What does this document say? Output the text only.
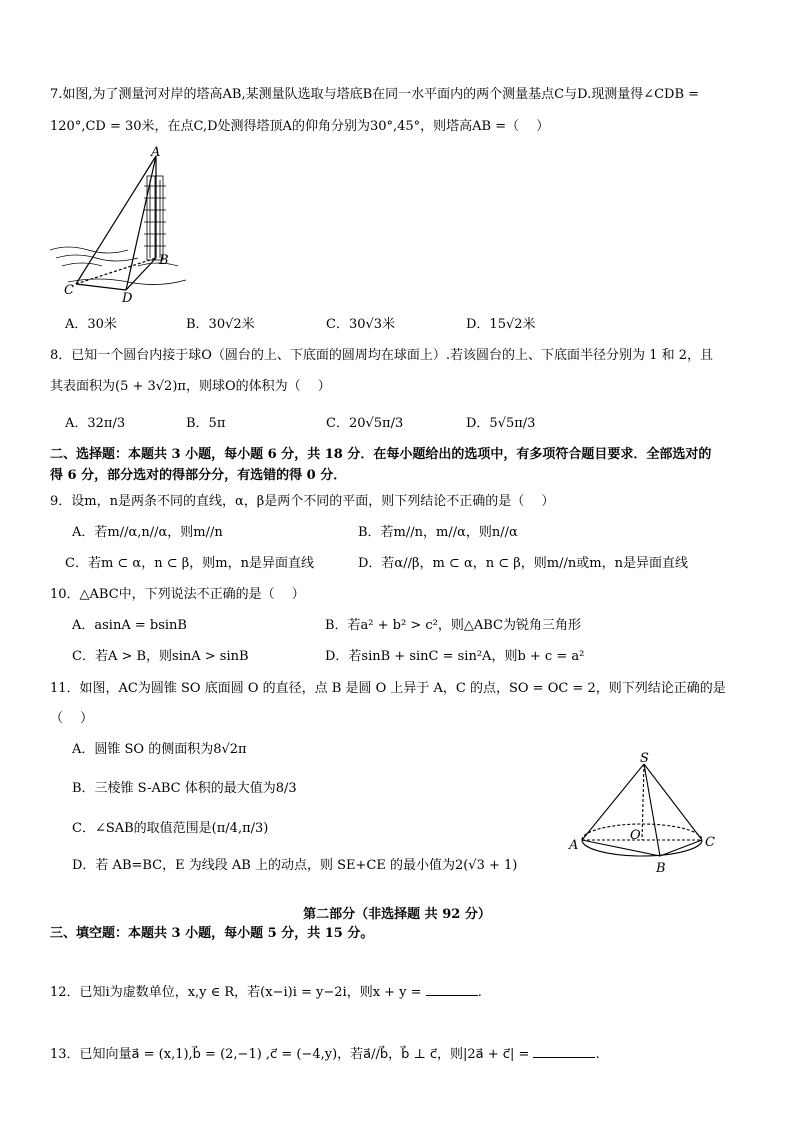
7.如图,为了测量河对岸的塔高AB,某测量队选取与塔底B在同一水平面内的两个测量基点C与D.现测量得∠CDB =
120°,CD = 30米，在点C,D处测得塔顶A的仰角分别为30°,45°，则塔高AB =（　 ）
A
B
C
D
A．30米	B．30√2米	C．30√3米	D．15√2米
8．已知一个圆台内接于球O（圆台的上、下底面的圆周均在球面上）.若该圆台的上、下底面半径分别为 1 和 2，且
其表面积为(5 + 3√2)π，则球O的体积为（　 ）
A．32π/3	B．5π	C．20√5π/3	D．5√5π/3
二、选择题：本题共 3 小题，每小题 6 分，共 18 分．在每小题给出的选项中，有多项符合题目要求．全部选对的
得 6 分，部分选对的得部分分，有选错的得 0 分．
9．设m，n是两条不同的直线，α，β是两个不同的平面，则下列结论不正确的是（　 ）
A．若m//α,n//α，则m//n	B．若m//n，m//α，则n//α
C．若m ⊂ α，n ⊂ β，则m，n是异面直线	D．若α//β，m ⊂ α，n ⊂ β，则m//n或m，n是异面直线
10．△ABC中，下列说法不正确的是（　 ）
A．asinA = bsinB	B．若a² + b² > c²，则△ABC为锐角三角形
C．若A > B，则sinA > sinB	D．若sinB + sinC = sin²A，则b + c = a²
11．如图，AC为圆锥 SO 底面圆 O 的直径，点 B 是圆 O 上异于 A，C 的点，SO = OC = 2，则下列结论正确的是
（　 ）
A．圆锥 SO 的侧面积为8√2π
B．三棱锥 S-ABC 体积的最大值为8/3
C．∠SAB的取值范围是(π/4,π/3)
D．若 AB=BC，E 为线段 AB 上的动点，则 SE+CE 的最小值为2(√3 + 1)
S
A
O	C
B
第二部分（非选择题 共 92 分）
三、填空题：本题共 3 小题，每小题 5 分，共 15 分。
12．已知i为虚数单位，x,y ∈ R，若(x−i)i = y−2i，则x + y =	.
13．已知向量a⃗ = (x,1),b⃗ = (2,−1) ,c⃗ = (−4,y)，若a⃗//b⃗，b⃗ ⊥ c⃗，则|2a⃗ + c⃗| =	.
